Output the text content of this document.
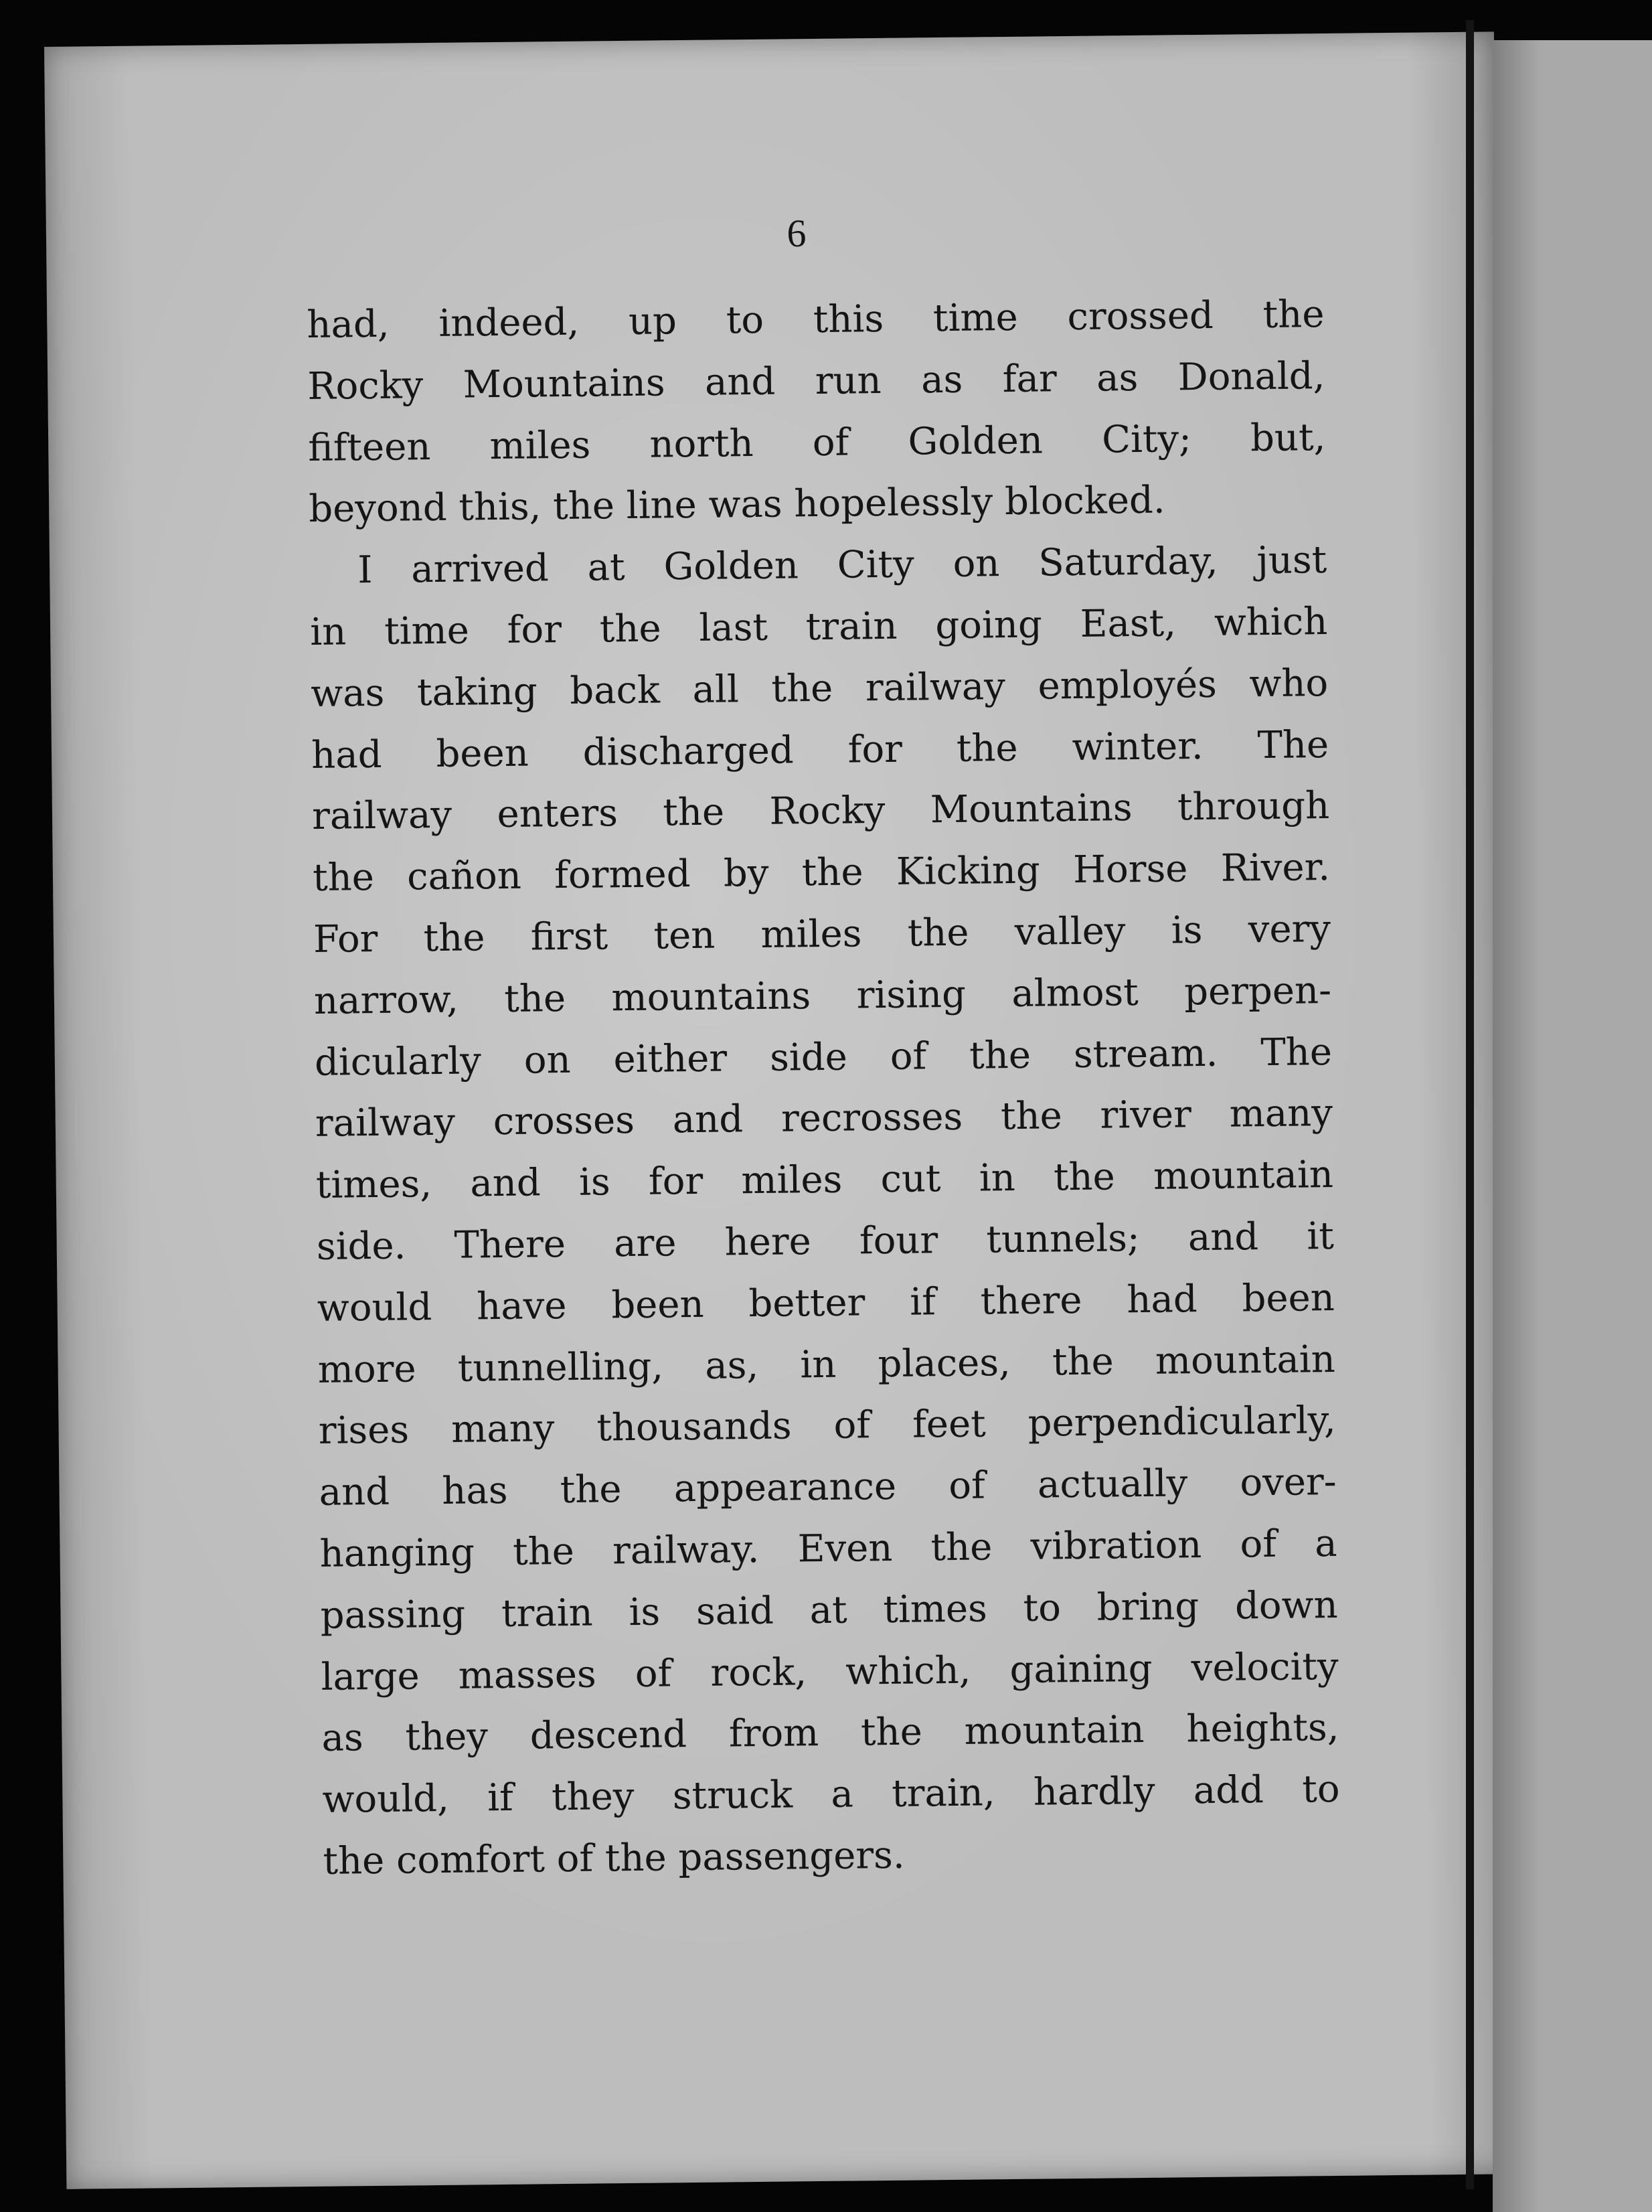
6
had, indeed, up to this time crossed the
Rocky Mountains and run as far as Donald,
fifteen miles north of Golden City; but,
beyond this, the line was hopelessly blocked.
I arrived at Golden City on Saturday, just
in time for the last train going East, which
was taking back all the railway employés who
had been discharged for the winter. The
railway enters the Rocky Mountains through
the cañon formed by the Kicking Horse River.
For the first ten miles the valley is very
narrow, the mountains rising almost perpen-
dicularly on either side of the stream. The
railway crosses and recrosses the river many
times, and is for miles cut in the mountain
side. There are here four tunnels; and it
would have been better if there had been
more tunnelling, as, in places, the mountain
rises many thousands of feet perpendicularly,
and has the appearance of actually over-
hanging the railway. Even the vibration of a
passing train is said at times to bring down
large masses of rock, which, gaining velocity
as they descend from the mountain heights,
would, if they struck a train, hardly add to
the comfort of the passengers.
